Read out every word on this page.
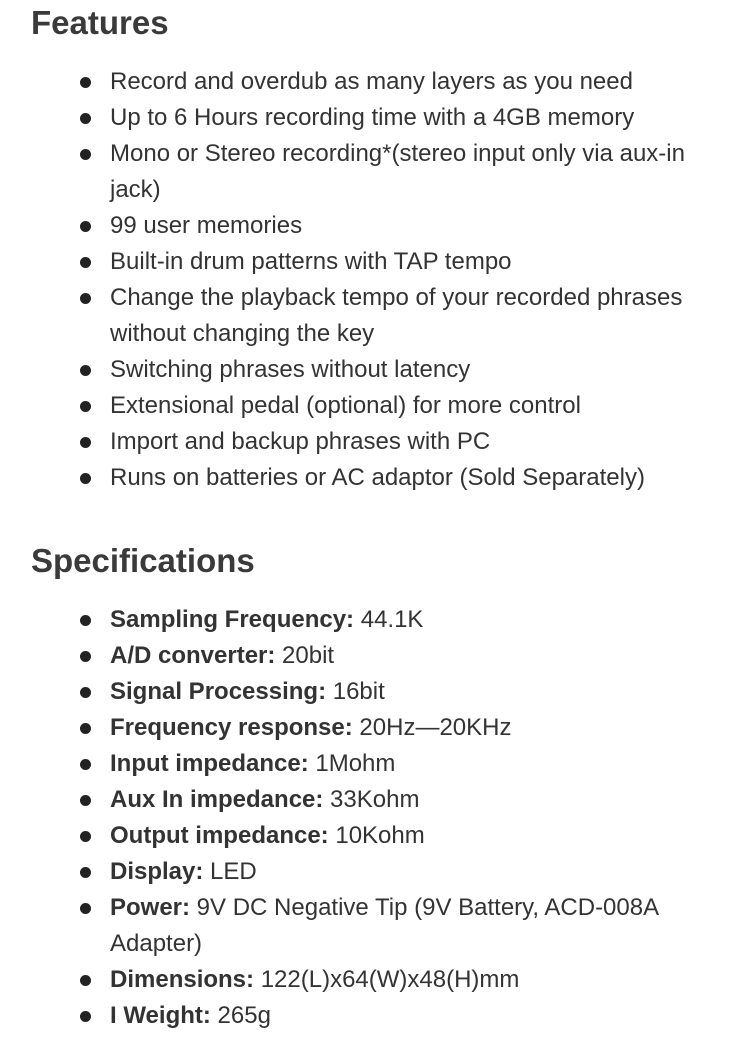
Features
Record and overdub as many layers as you need
Up to 6 Hours recording time with a 4GB memory
Mono or Stereo recording*(stereo input only via aux-in jack)
99 user memories
Built-in drum patterns with TAP tempo
Change the playback tempo of your recorded phrases without changing the key
Switching phrases without latency
Extensional pedal (optional) for more control
Import and backup phrases with PC
Runs on batteries or AC adaptor (Sold Separately)
Specifications
Sampling Frequency: 44.1K
A/D converter: 20bit
Signal Processing: 16bit
Frequency response: 20Hz—20KHz
Input impedance: 1Mohm
Aux In impedance: 33Kohm
Output impedance: 10Kohm
Display: LED
Power: 9V DC Negative Tip (9V Battery, ACD-008A Adapter)
Dimensions: 122(L)x64(W)x48(H)mm
I Weight: 265g
